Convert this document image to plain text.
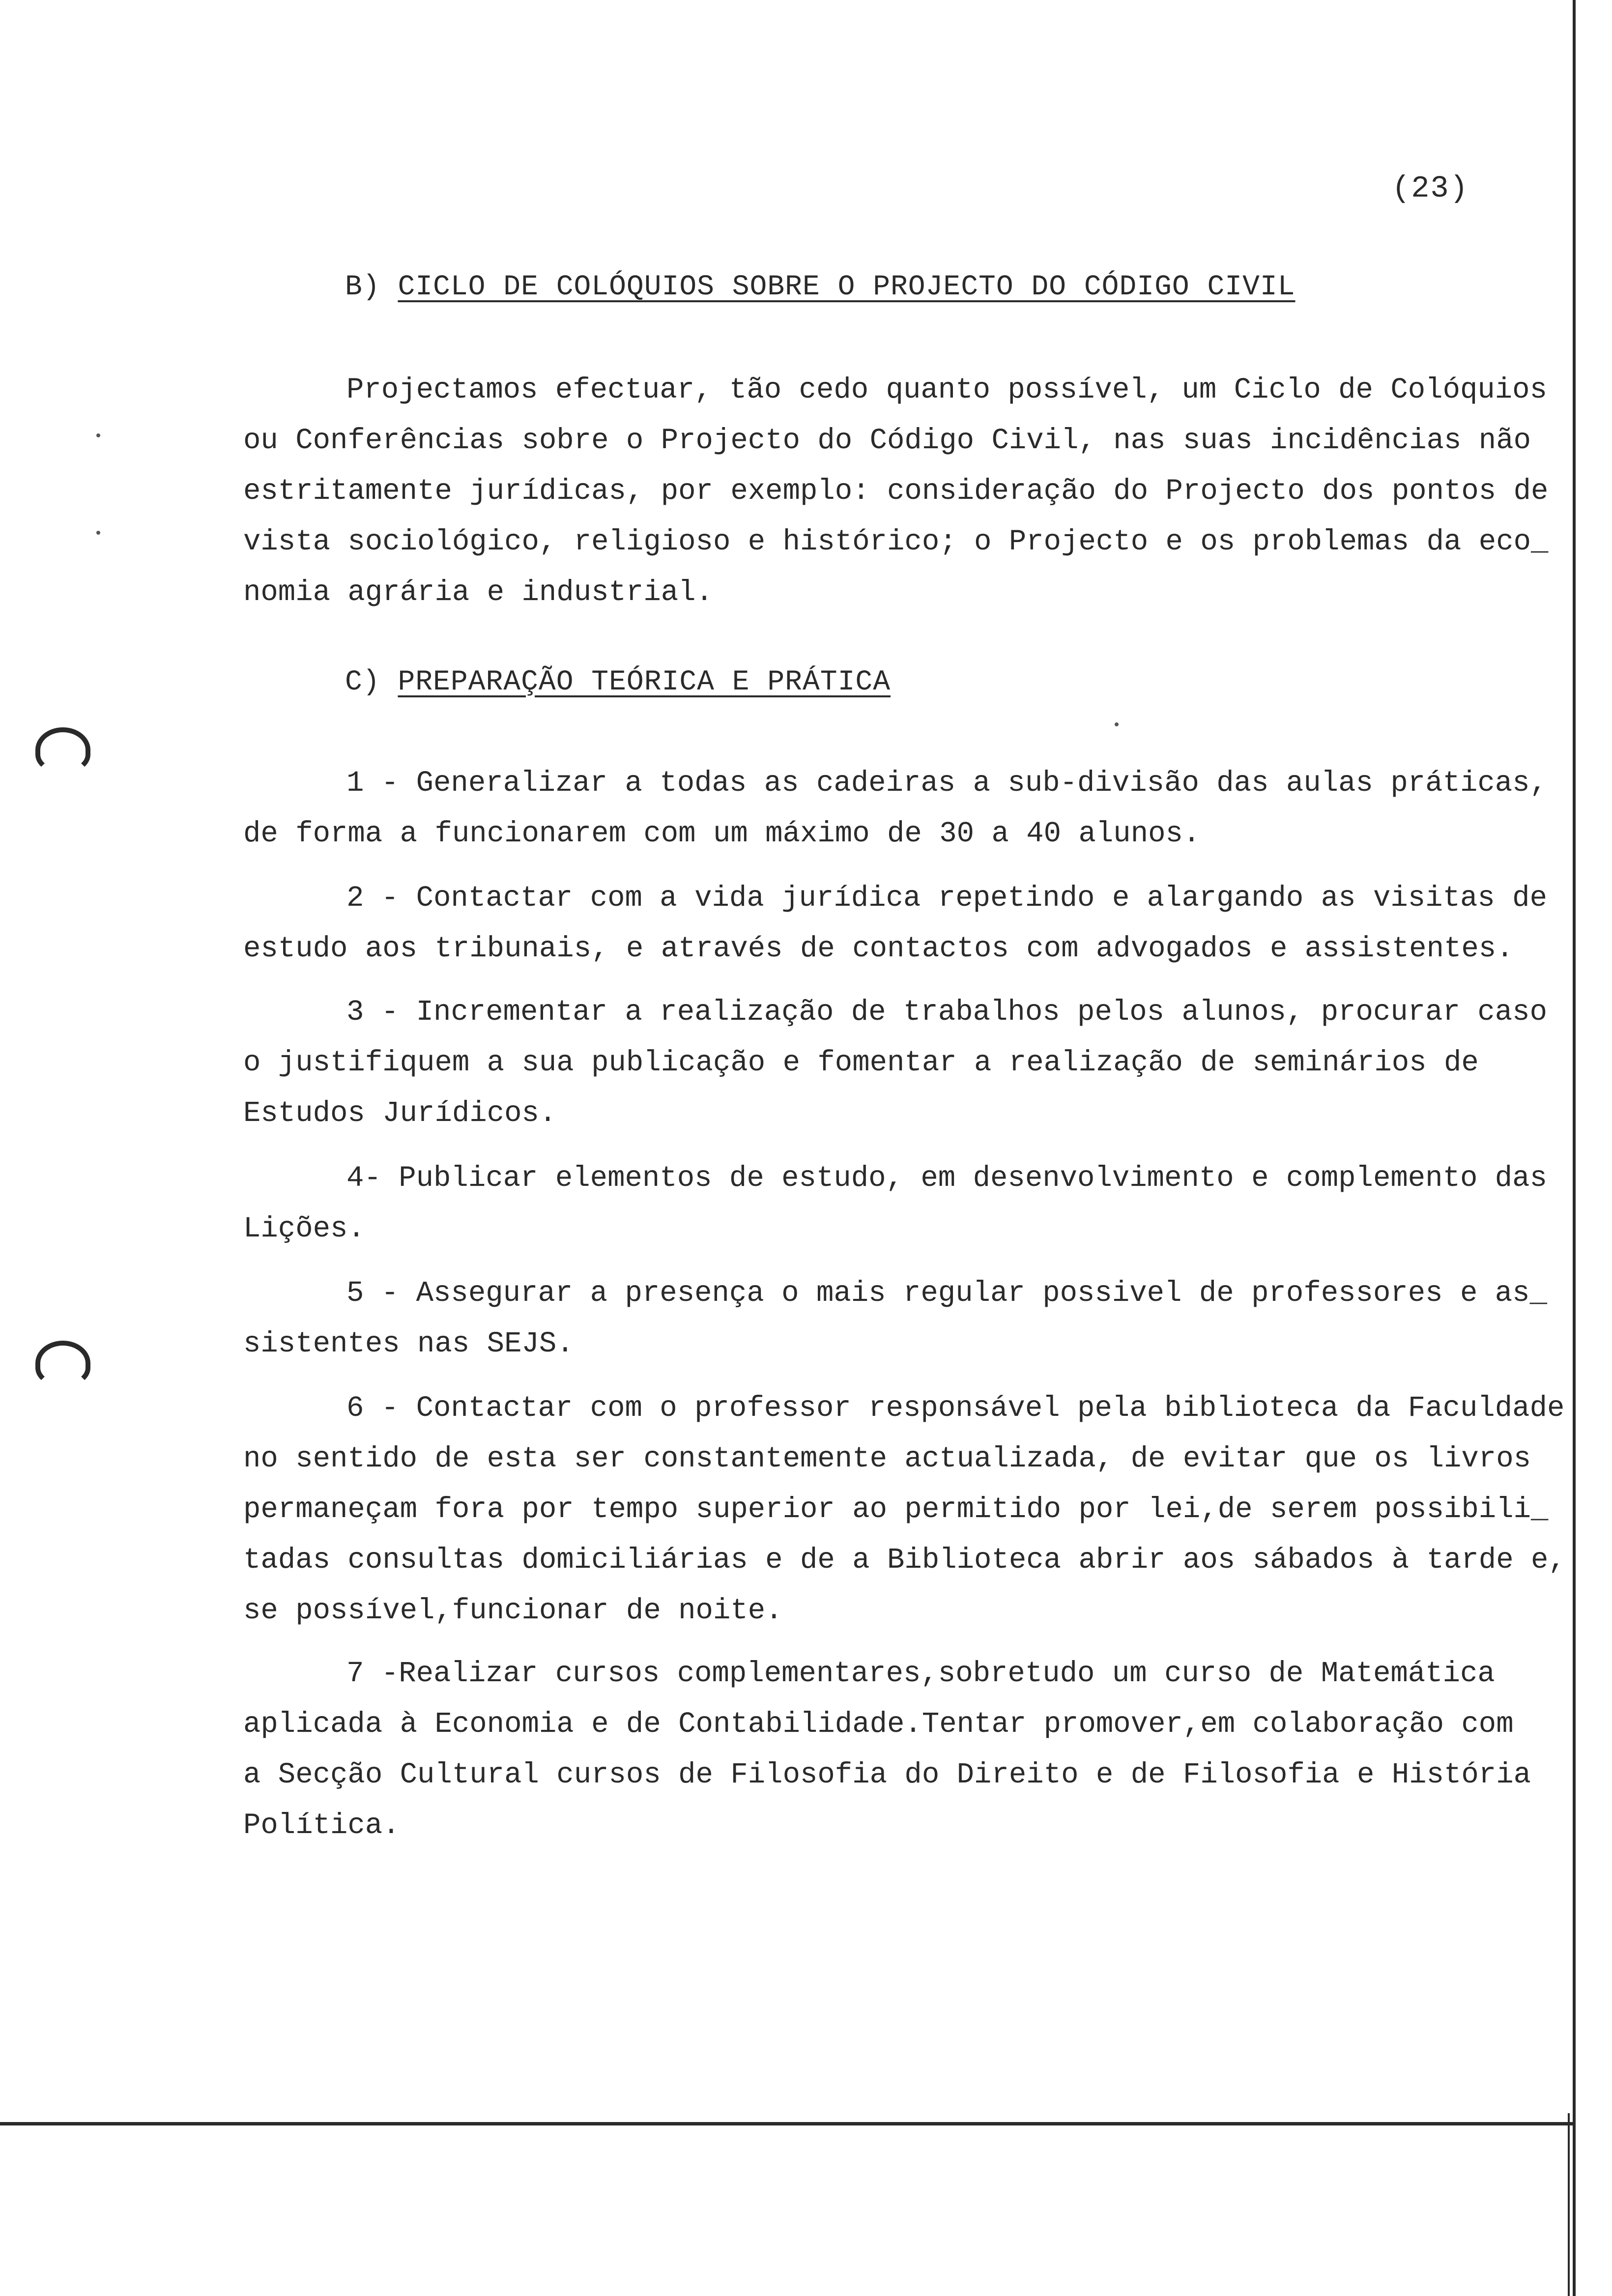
(23)
B) CICLO DE COLÓQUIOS SOBRE O PROJECTO DO CÓDIGO CIVIL

Projectamos efectuar, tão cedo quanto possível, um Ciclo de Colóquios
ou Conferências sobre o Projecto do Código Civil, nas suas incidências não
estritamente jurídicas, por exemplo: consideração do Projecto dos pontos de
vista sociológico, religioso e histórico; o Projecto e os problemas da eco_
nomia agrária e industrial.

C) PREPARAÇÃO TEÓRICA E PRÁTICA

1 - Generalizar a todas as cadeiras a sub-divisão das aulas práticas,
de forma a funcionarem com um máximo de 30 a 40 alunos.

2 - Contactar com a vida jurídica repetindo e alargando as visitas de
estudo aos tribunais, e através de contactos com advogados e assistentes.

3 - Incrementar a realização de trabalhos pelos alunos, procurar caso
o justifiquem a sua publicação e fomentar a realização de seminários de
Estudos Jurídicos.

4- Publicar elementos de estudo, em desenvolvimento e complemento das
Lições.

5 - Assegurar a presença o mais regular possivel de professores e as_
sistentes nas SEJS.

6 - Contactar com o professor responsável pela biblioteca da Faculdade
no sentido de esta ser constantemente actualizada, de evitar que os livros
permaneçam fora por tempo superior ao permitido por lei,de serem possibili_
tadas consultas domiciliárias e de a Biblioteca abrir aos sábados à tarde e,
se possível,funcionar de noite.

7 -Realizar cursos complementares,sobretudo um curso de Matemática
aplicada à Economia e de Contabilidade.Tentar promover,em colaboração com
a Secção Cultural cursos de Filosofia do Direito e de Filosofia e História
Política.
